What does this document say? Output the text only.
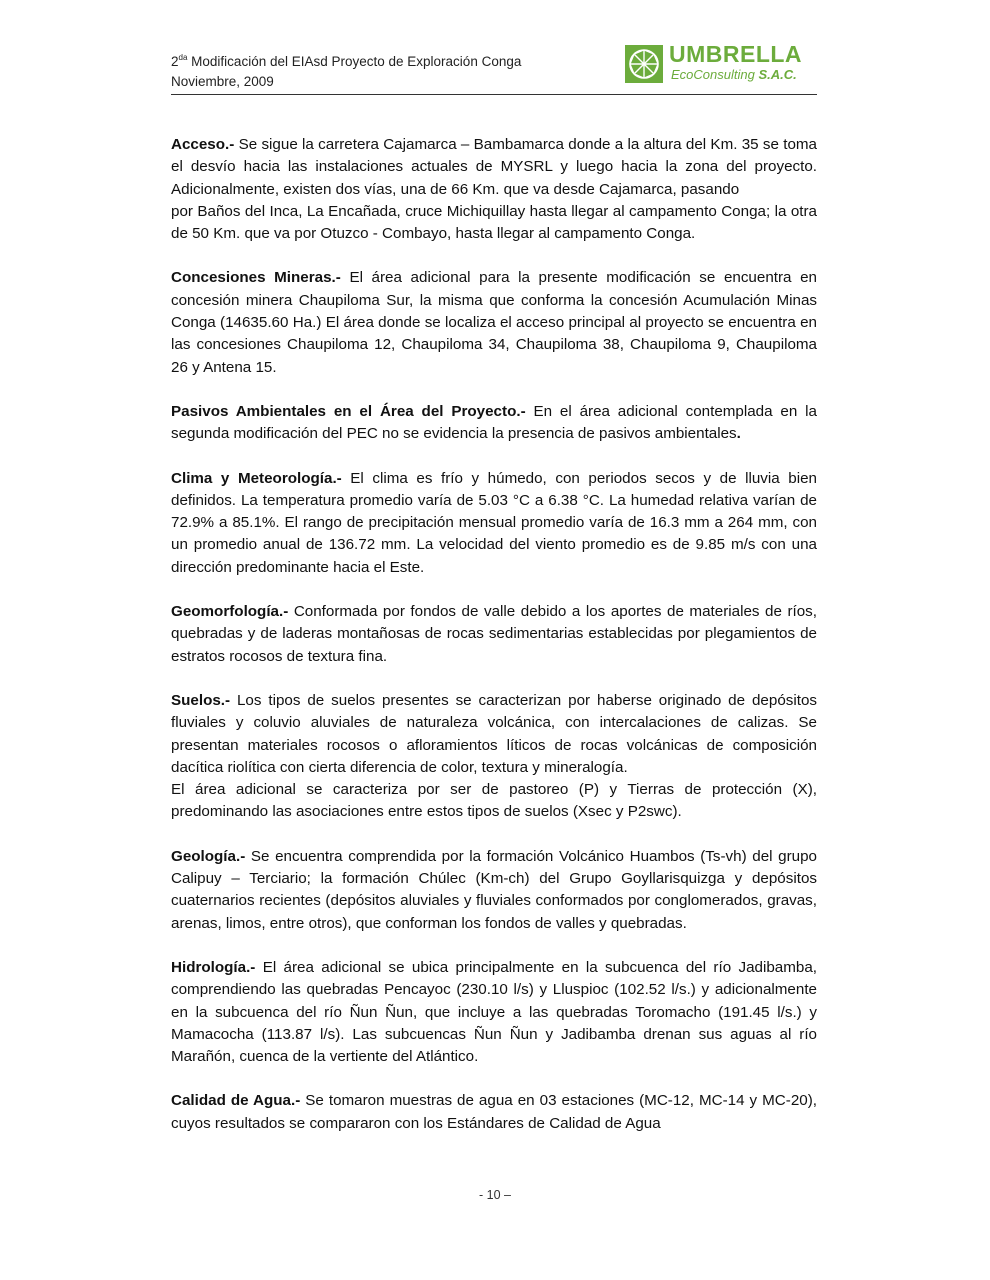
$2^{da}$ Modificación del EIAsd Proyecto de Exploración Conga
Noviembre, 2009
UMBRELLA
EcoConsulting S.A.C.
Acceso.- Se sigue la carretera Cajamarca – Bambamarca donde a la altura del Km. 35 se toma el desvío hacia las instalaciones actuales de MYSRL y luego hacia la zona del proyecto. Adicionalmente, existen dos vías, una de 66 Km. que va desde Cajamarca, pasando
por Baños del Inca, La Encañada, cruce Michiquillay hasta llegar al campamento Conga; la otra de 50 Km. que va por Otuzco - Combayo, hasta llegar al campamento Conga.
Concesiones Mineras.- El área adicional para la presente modificación se encuentra en concesión minera Chaupiloma Sur, la misma que conforma la concesión Acumulación Minas Conga (14635.60 Ha.) El área donde se localiza el acceso principal al proyecto se encuentra en las concesiones Chaupiloma 12, Chaupiloma 34, Chaupiloma 38, Chaupiloma 9, Chaupiloma 26 y Antena 15.
Pasivos Ambientales en el Área del Proyecto.- En el área adicional contemplada en la segunda modificación del PEC no se evidencia la presencia de pasivos ambientales.
Clima y Meteorología.- El clima es frío y húmedo, con periodos secos y de lluvia bien definidos. La temperatura promedio varía de 5.03 °C a 6.38 °C. La humedad relativa varían de 72.9% a 85.1%. El rango de precipitación mensual promedio varía de 16.3 mm a 264 mm, con un promedio anual de 136.72 mm. La velocidad del viento promedio es de 9.85 m/s con una dirección predominante hacia el Este.
Geomorfología.- Conformada por fondos de valle debido a los aportes de materiales de ríos, quebradas y de laderas montañosas de rocas sedimentarias establecidas por plegamientos de estratos rocosos de textura fina.
Suelos.- Los tipos de suelos presentes se caracterizan por haberse originado de depósitos fluviales y coluvio aluviales de naturaleza volcánica, con intercalaciones de calizas. Se presentan materiales rocosos o afloramientos líticos de rocas volcánicas de composición dacítica riolítica con cierta diferencia de color, textura y mineralogía.
El área adicional se caracteriza por ser de pastoreo (P) y Tierras de protección (X), predominando las asociaciones entre estos tipos de suelos (Xsec y P2swc).
Geología.- Se encuentra comprendida por la formación Volcánico Huambos (Ts-vh) del grupo Calipuy – Terciario; la formación Chúlec (Km-ch) del Grupo Goyllarisquizga y depósitos cuaternarios recientes (depósitos aluviales y fluviales conformados por conglomerados, gravas, arenas, limos, entre otros), que conforman los fondos de valles y quebradas.
Hidrología.- El área adicional se ubica principalmente en la subcuenca del río Jadibamba, comprendiendo las quebradas Pencayoc (230.10 l/s) y Lluspioc (102.52 l/s.) y adicionalmente en la subcuenca del río Ñun Ñun, que incluye a las quebradas Toromacho (191.45 l/s.) y Mamacocha (113.87 l/s). Las subcuencas Ñun Ñun y Jadibamba drenan sus aguas al río Marañón, cuenca de la vertiente del Atlántico.
Calidad de Agua.- Se tomaron muestras de agua en 03 estaciones (MC-12, MC-14 y MC-20), cuyos resultados se compararon con los Estándares de Calidad de Agua
- 10 –
